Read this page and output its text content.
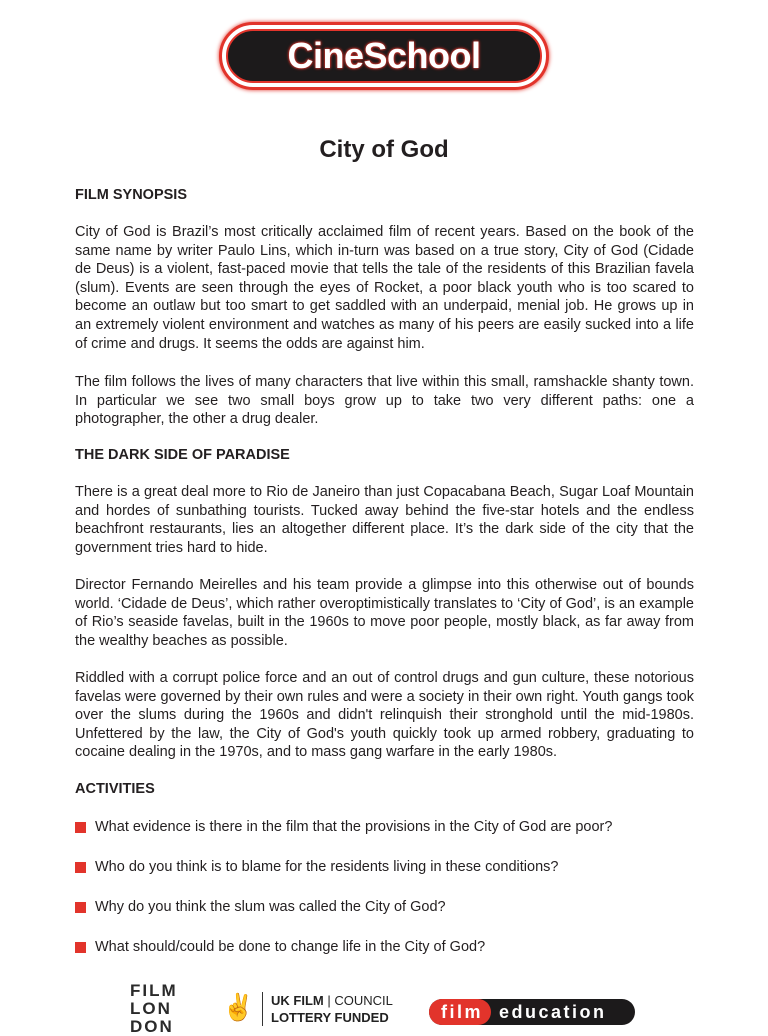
CineSchool
City of God
FILM SYNOPSIS
City of God is Brazil’s most critically acclaimed film of recent years. Based on the book of the same name by writer Paulo Lins, which in-turn was based on a true story, City of God (Cidade de Deus) is a violent, fast-paced movie that tells the tale of the residents of this Brazilian favela (slum). Events are seen through the eyes of Rocket, a poor black youth who is too scared to become an outlaw but too smart to get saddled with an underpaid, menial job. He grows up in an extremely violent environment and watches as many of his peers are easily sucked into a life of crime and drugs. It seems the odds are against him.
The film follows the lives of many characters that live within this small, ramshackle shanty town. In particular we see two small boys grow up to take two very different paths: one a photographer, the other a drug dealer.
THE DARK SIDE OF PARADISE
There is a great deal more to Rio de Janeiro than just Copacabana Beach, Sugar Loaf Mountain and hordes of sunbathing tourists. Tucked away behind the five-star hotels and the endless beachfront restaurants, lies an altogether different place. It’s the dark side of the city that the government tries hard to hide.
Director Fernando Meirelles and his team provide a glimpse into this otherwise out of bounds world. ‘Cidade de Deus’, which rather overoptimistically translates to ‘City of God’, is an example of Rio’s seaside favelas, built in the 1960s to move poor people, mostly black, as far away from the wealthy beaches as possible.
Riddled with a corrupt police force and an out of control drugs and gun culture, these notorious favelas were governed by their own rules and were a society in their own right. Youth gangs took over the slums during the 1960s and didn't relinquish their stronghold until the mid-1980s. Unfettered by the law, the City of God's youth quickly took up armed robbery, graduating to cocaine dealing in the 1970s, and to mass gang warfare in the early 1980s.
ACTIVITIES
What evidence is there in the film that the provisions in the City of God are poor?
Who do you think is to blame for the residents living in these conditions?
Why do you think the slum was called the City of God?
What should/could be done to change life in the City of God?
FILM
LON
DON
✌ UK FILM | COUNCIL
LOTTERY FUNDED	film education
